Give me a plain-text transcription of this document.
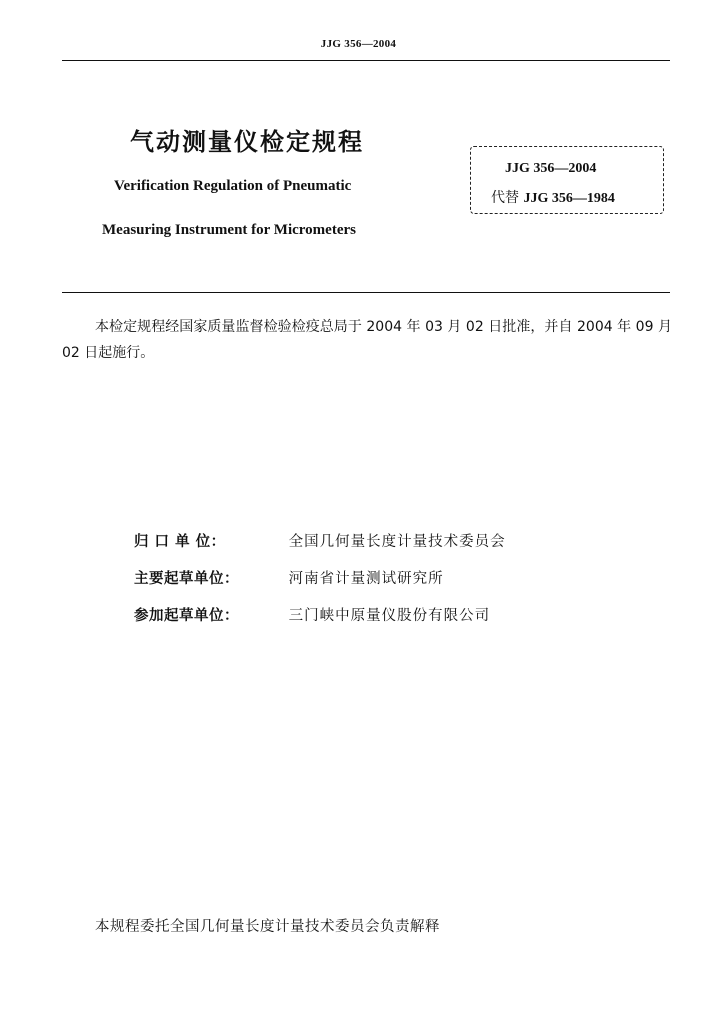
JJG 356—2004
气动测量仪检定规程
Verification Regulation of Pneumatic
Measuring Instrument for Micrometers
JJG 356—2004
代替 JJG 356—1984
本检定规程经国家质量监督检验检疫总局于 2004 年 03 月 02 日批准，并自 2004 年 09 月 02 日起施行。
归 口 单 位：	全国几何量长度计量技术委员会
主要起草单位：	河南省计量测试研究所
参加起草单位：	三门峡中原量仪股份有限公司
本规程委托全国几何量长度计量技术委员会负责解释
